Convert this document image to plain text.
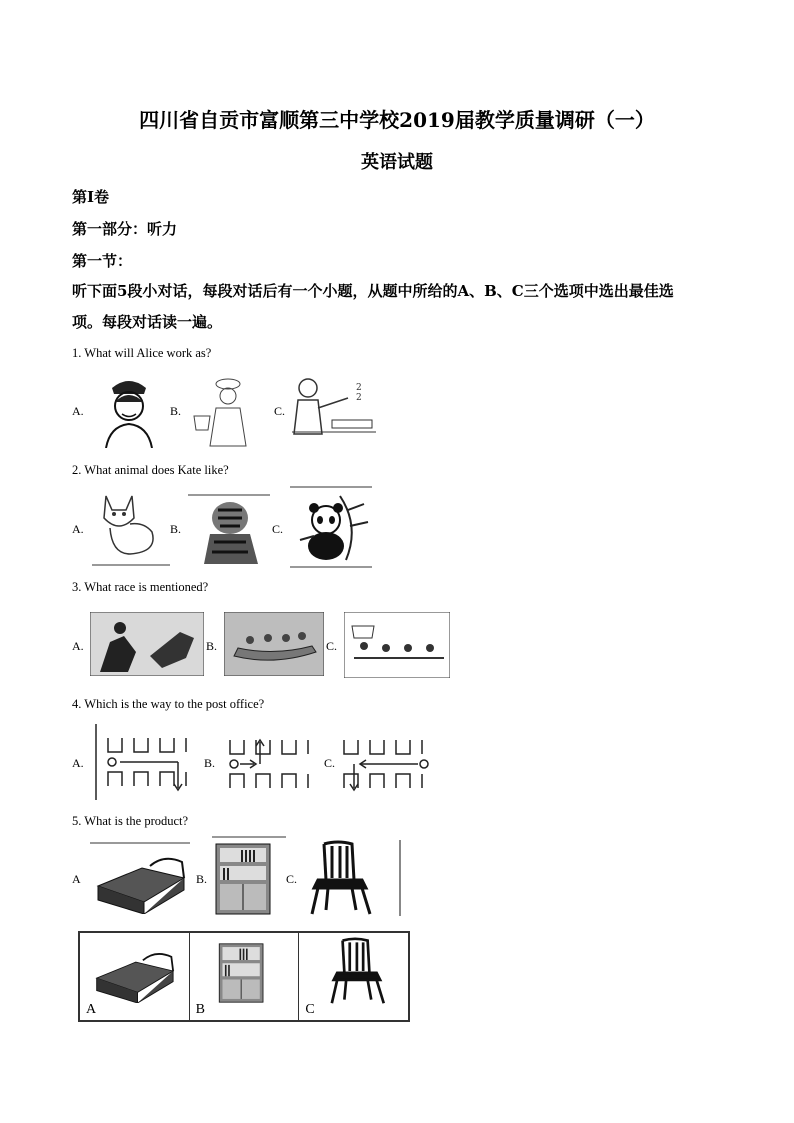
四川省自贡市富顺第三中学校2019届教学质量调研（一）
英语试题
第I卷
第一部分：听力
第一节：
听下面5段小对话，每段对话后有一个小题，从题中所给的A、B、C三个选项中选出最佳选
项。每段对话读一遍。
1. What will Alice work as?
A.	B.	C.
2
2
2. What animal does Kate like?
A.	B.	C.
3. What race is mentioned?
A.	B.	C.
4. Which is the way to the post office?
A.	B.	C.
5. What is the product?
A	B.	C.
A	B	C
